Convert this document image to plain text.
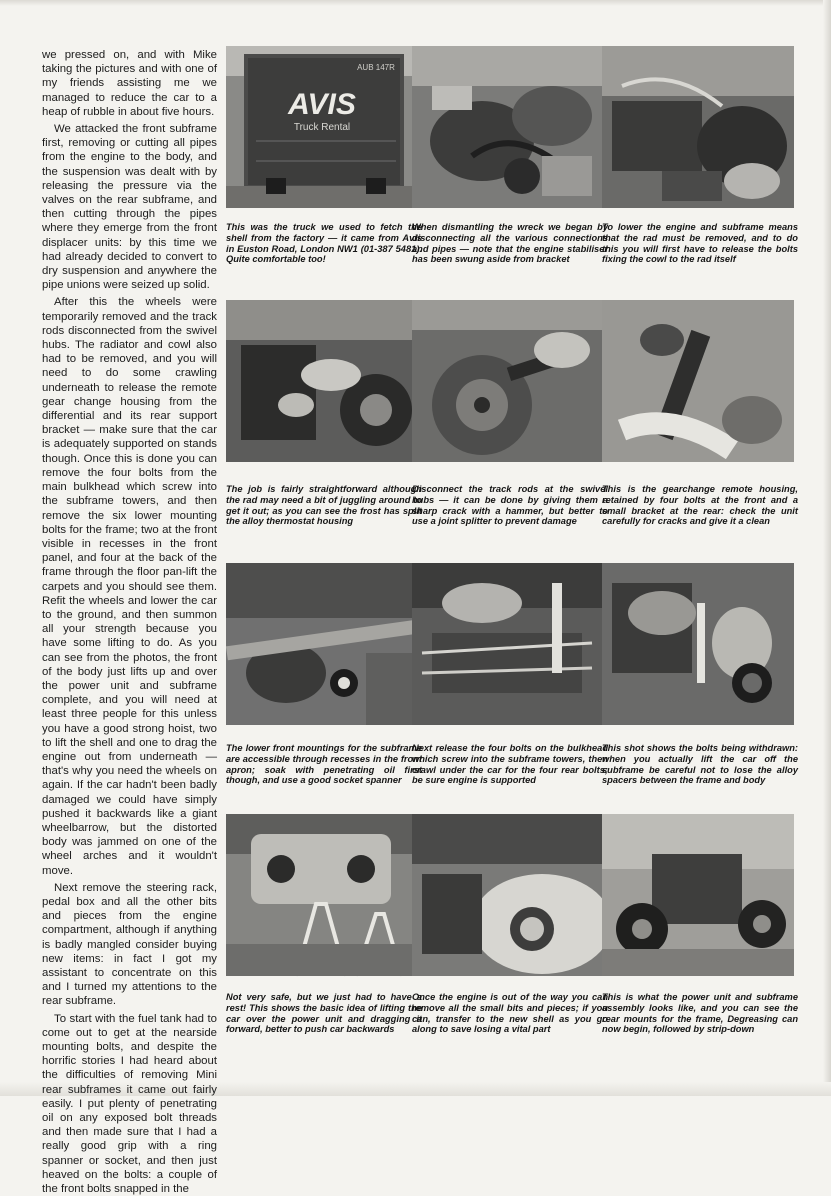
we pressed on, and with Mike taking the pictures and with one of my friends assisting me we managed to reduce the car to a heap of rubble in about five hours.

We attacked the front subframe first, removing or cutting all pipes from the engine to the body, and the suspension was dealt with by releasing the pressure via the valves on the rear subframe, and then cutting through the pipes where they emerge from the front displacer units: by this time we had already decided to convert to dry suspension and anywhere the pipe unions were seized up solid.

After this the wheels were temporarily removed and the track rods disconnected from the swivel hubs. The radiator and cowl also had to be removed, and you will need to do some crawling underneath to release the remote gear change housing from the differential and its rear support bracket — make sure that the car is adequately supported on stands though. Once this is done you can remove the four bolts from the main bulkhead which screw into the subframe towers, and then remove the six lower mounting bolts for the frame; two at the front visible in recesses in the front panel, and four at the back of the frame through the floor pan-lift the carpets and you should see them. Refit the wheels and lower the car to the ground, and then summon all your strength because you have some lifting to do. As you can see from the photos, the front of the body just lifts up and over the power unit and subframe complete, and you will need at least three people for this unless you have a good strong hoist, two to lift the shell and one to drag the engine out from underneath — that's why you need the wheels on again. If the car hadn't been badly damaged we could have simply pushed it backwards like a giant wheelbarrow, but the distorted body was jammed on one of the wheel arches and it wouldn't move.

Next remove the steering rack, pedal box and all the other bits and pieces from the engine compartment, although if anything is badly mangled consider buying new items: in fact I got my assistant to concentrate on this and I turned my attentions to the rear subframe.

To start with the fuel tank had to come out to get at the nearside mounting bolts, and despite the horrific stories I had heard about the difficulties of removing Mini rear subframes it came out fairly easily. I put plenty of penetrating oil on any exposed bolt threads and then made sure that I had a really good grip with a ring spanner or socket, and then just heaved on the bolts: a couple of the front bolts snapped in the

AVIS
Truck Rental
AUB 147R

This was the truck we used to fetch the shell from the factory — it came from Avis in Euston Road, London NW1 (01-387 5481). Quite comfortable too!

When dismantling the wreck we began by disconnecting all the various connections and pipes — note that the engine stabiliser has been swung aside from bracket

To lower the engine and subframe means that the rad must be removed, and to do this you will first have to release the bolts fixing the cowl to the rad itself

The job is fairly straightforward although the rad may need a bit of juggling around to get it out; as you can see the frost has split the alloy thermostat housing

Disconnect the track rods at the swivel hubs — it can be done by giving them a sharp crack with a hammer, but better to use a joint splitter to prevent damage

This is the gearchange remote housing, retained by four bolts at the front and a small bracket at the rear: check the unit carefully for cracks and give it a clean

The lower front mountings for the subframe are accessible through recesses in the front apron; soak with penetrating oil first though, and use a good socket spanner

Next release the four bolts on the bulkhead which screw into the subframe towers, then crawl under the car for the four rear bolts; be sure engine is supported

This shot shows the bolts being withdrawn: when you actually lift the car off the subframe be careful not to lose the alloy spacers between the frame and body

Not very safe, but we just had to have a rest! This shows the basic idea of lifting the car over the power unit and dragging it forward, better to push car backwards

Once the engine is out of the way you can remove all the small bits and pieces; if you can, transfer to the new shell as you go along to save losing a vital part

This is what the power unit and subframe assembly looks like, and you can see the rear mounts for the frame, Degreasing can now begin, followed by strip-down
